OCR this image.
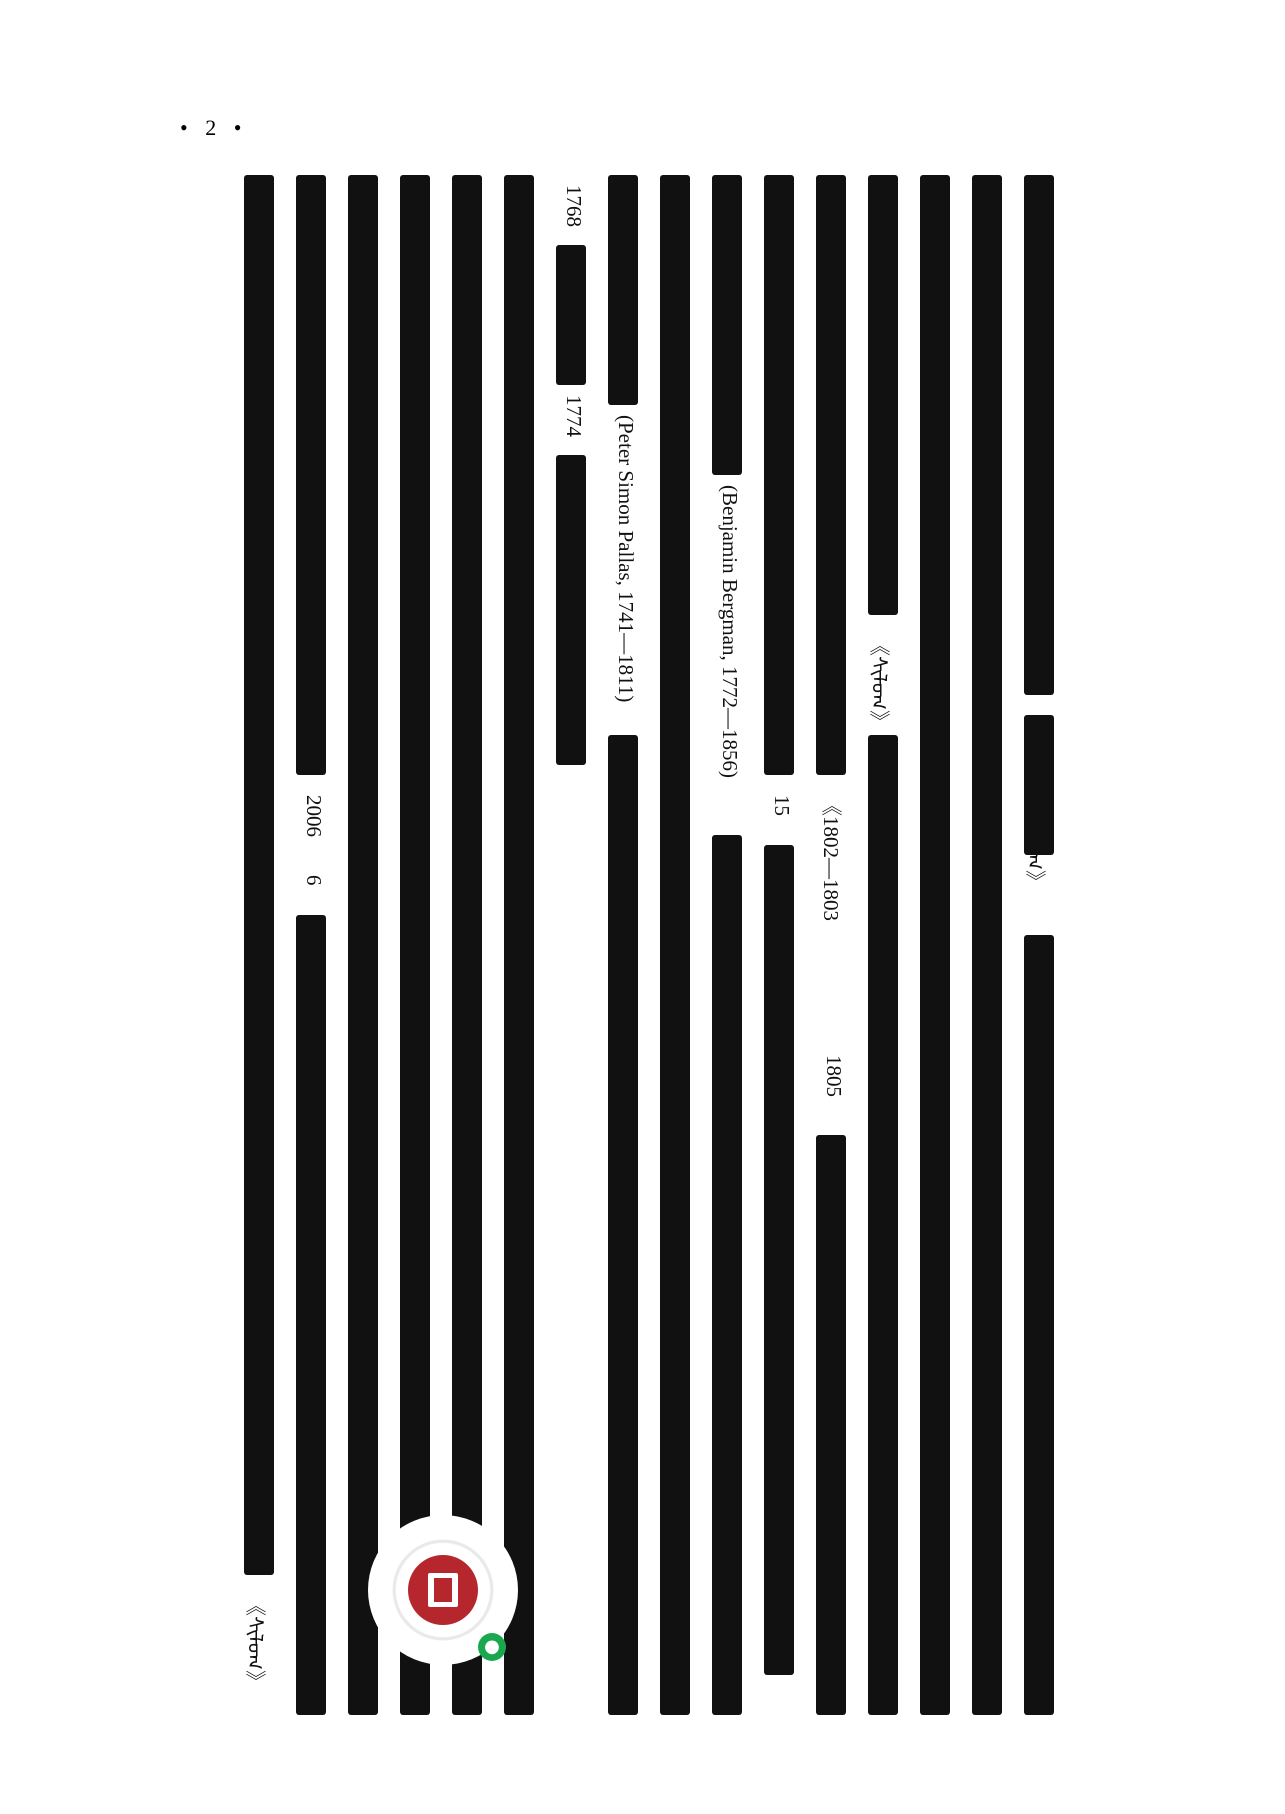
• 2 •
《ᠰᠢᠯᠤᠭ》
《ᠰᠢᠯᠤᠭ》
《1802—1803
1805
15
(Benjamin Bergman, 1772—1856)
(Peter Simon Pallas, 1741—1811)
1768
1774
2006
6
《ᠰᠢᠯᠤᠭ》	●
